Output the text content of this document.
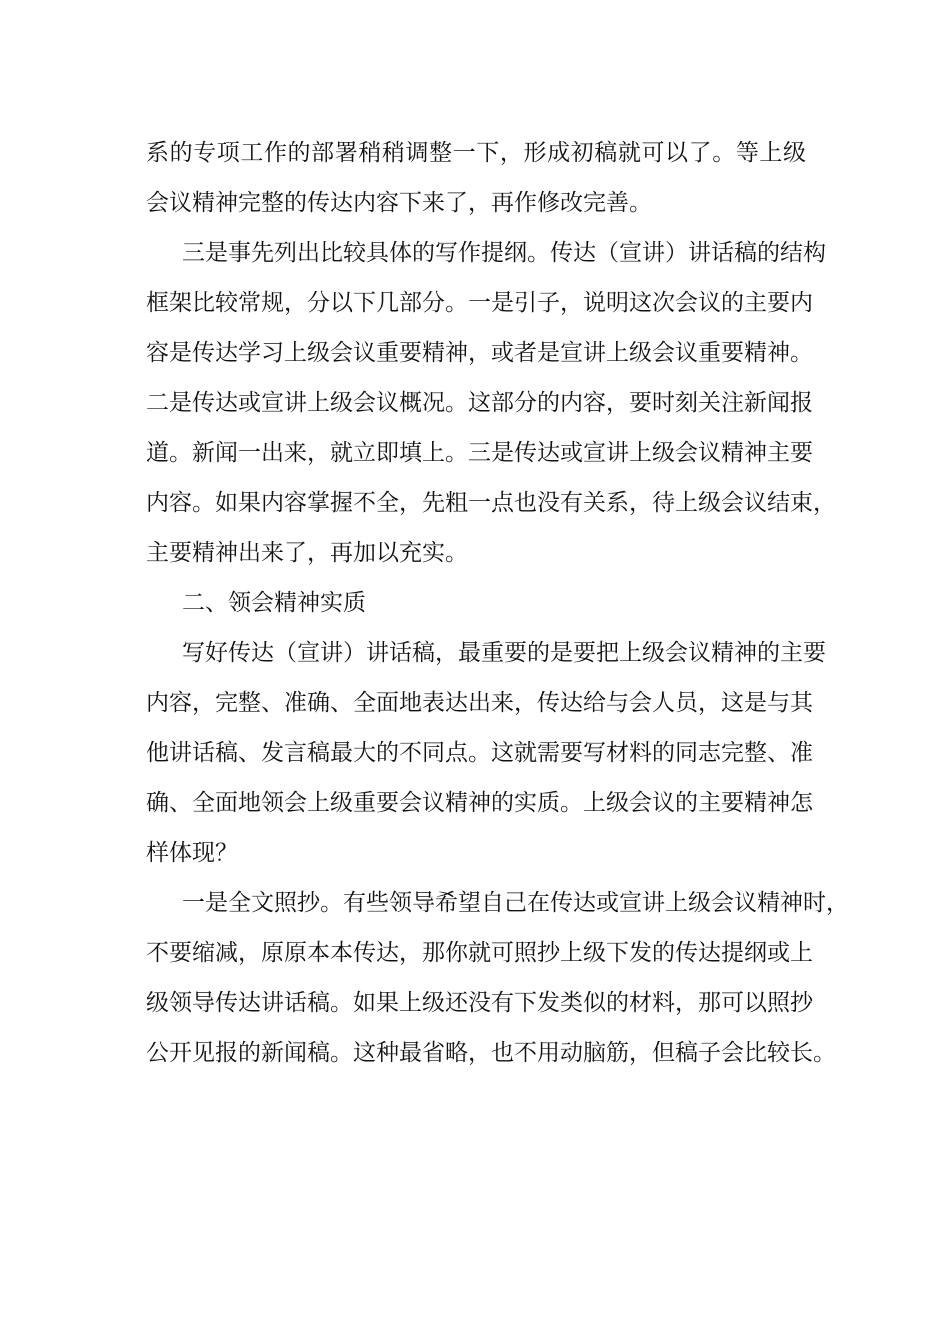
系的专项工作的部署稍稍调整一下，形成初稿就可以了。等上级
会议精神完整的传达内容下来了，再作修改完善。
三是事先列出比较具体的写作提纲。传达（宣讲）讲话稿的结构
框架比较常规，分以下几部分。一是引子，说明这次会议的主要内
容是传达学习上级会议重要精神，或者是宣讲上级会议重要精神。
二是传达或宣讲上级会议概况。这部分的内容，要时刻关注新闻报
道。新闻一出来，就立即填上。三是传达或宣讲上级会议精神主要
内容。如果内容掌握不全，先粗一点也没有关系，待上级会议结束，
主要精神出来了，再加以充实。
二、领会精神实质
写好传达（宣讲）讲话稿，最重要的是要把上级会议精神的主要
内容，完整、准确、全面地表达出来，传达给与会人员，这是与其
他讲话稿、发言稿最大的不同点。这就需要写材料的同志完整、准
确、全面地领会上级重要会议精神的实质。上级会议的主要精神怎
样体现？
一是全文照抄。有些领导希望自己在传达或宣讲上级会议精神时，
不要缩减，原原本本传达，那你就可照抄上级下发的传达提纲或上
级领导传达讲话稿。如果上级还没有下发类似的材料，那可以照抄
公开见报的新闻稿。这种最省略，也不用动脑筋，但稿子会比较长。
